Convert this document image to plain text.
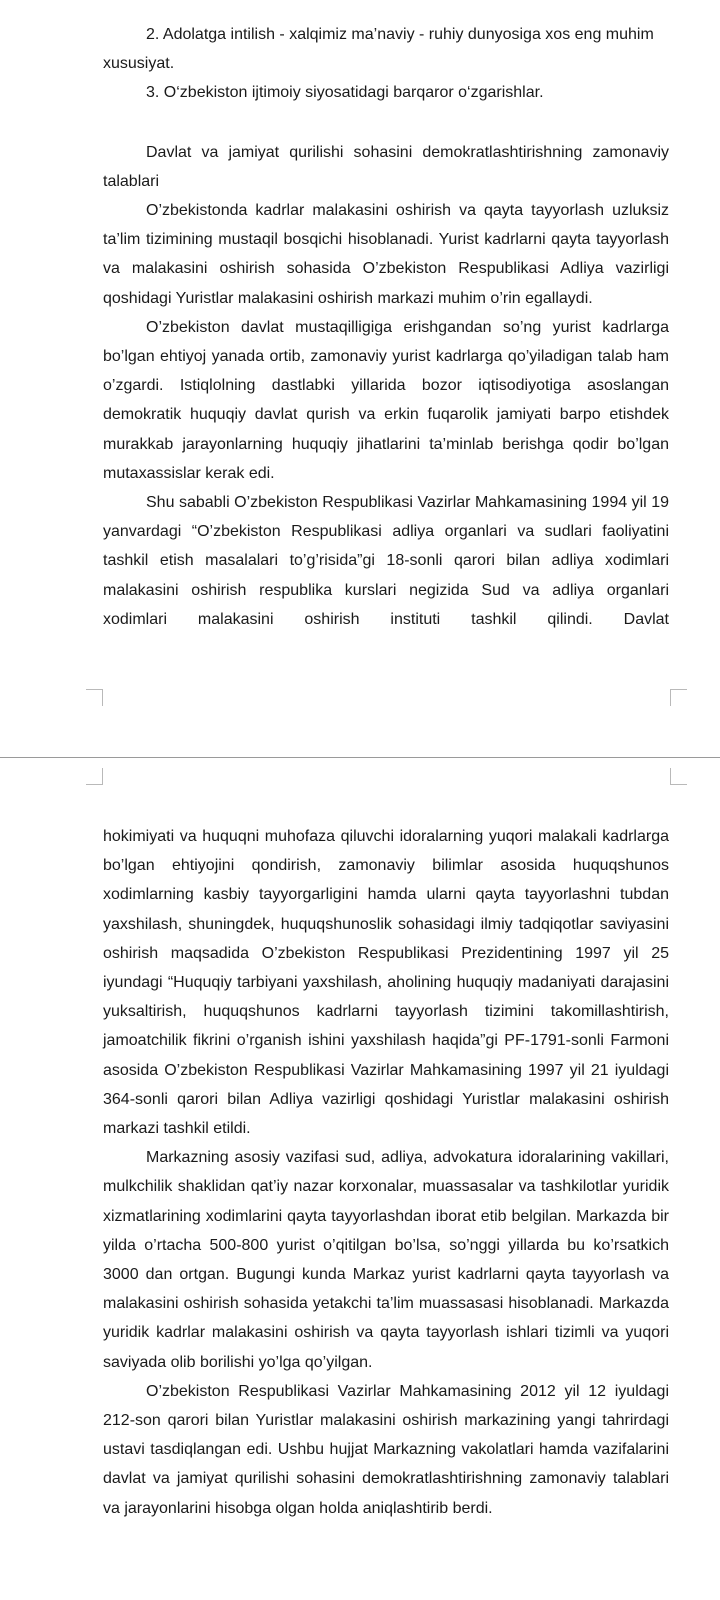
2. Adolatga intilish - xalqimiz ma’naviy - ruhiy dunyosiga xos eng muhim xususiyat.

3. O‘zbekiston ijtimoiy siyosatidagi barqaror o‘zgarishlar.

Davlat va jamiyat qurilishi sohasini demokratlashtirishning zamonaviy talablari

O’zbekistonda kadrlar malakasini oshirish va qayta tayyorlash uzluksiz ta’lim tizimining mustaqil bosqichi hisoblanadi. Yurist kadrlarni qayta tayyorlash va malakasini oshirish sohasida O’zbekiston Respublikasi Adliya vazirligi qoshidagi Yuristlar malakasini oshirish markazi muhim o’rin egallaydi.

O’zbekiston davlat mustaqilligiga erishgandan so’ng yurist kadrlarga bo’lgan ehtiyoj yanada ortib, zamonaviy yurist kadrlarga qo’yiladigan talab ham o’zgardi. Istiqlolning dastlabki yillarida bozor iqtisodiyotiga asoslangan demokratik huquqiy davlat qurish va erkin fuqarolik jamiyati barpo etishdek murakkab jarayonlarning huquqiy jihatlarini ta’minlab berishga qodir bo’lgan mutaxassislar kerak edi.

Shu sababli O’zbekiston Respublikasi Vazirlar Mahkamasining 1994 yil 19 yanvardagi “O’zbekiston Respublikasi adliya organlari va sudlari faoliyatini tashkil etish masalalari to’g’risida”gi 18-sonli qarori bilan adliya xodimlari malakasini oshirish respublika kurslari negizida Sud va adliya organlari xodimlari malakasini oshirish instituti tashkil qilindi. Davlat

hokimiyati va huquqni muhofaza qiluvchi idoralarning yuqori malakali kadrlarga bo’lgan ehtiyojini qondirish, zamonaviy bilimlar asosida huquqshunos xodimlarning kasbiy tayyorgarligini hamda ularni qayta tayyorlashni tubdan yaxshilash, shuningdek, huquqshunoslik sohasidagi ilmiy tadqiqotlar saviyasini oshirish maqsadida O’zbekiston Respublikasi Prezidentining 1997 yil 25 iyundagi “Huquqiy tarbiyani yaxshilash, aholining huquqiy madaniyati darajasini yuksaltirish, huquqshunos kadrlarni tayyorlash tizimini takomillashtirish, jamoatchilik fikrini o’rganish ishini yaxshilash haqida”gi PF-1791-sonli Farmoni asosida O’zbekiston Respublikasi Vazirlar Mahkamasining 1997 yil 21 iyuldagi 364-sonli qarori bilan Adliya vazirligi qoshidagi Yuristlar malakasini oshirish markazi tashkil etildi.

Markazning asosiy vazifasi sud, adliya, advokatura idoralarining vakillari, mulkchilik shaklidan qat’iy nazar korxonalar, muassasalar va tashkilotlar yuridik xizmatlarining xodimlarini qayta tayyorlashdan iborat etib belgilan. Markazda bir yilda o’rtacha 500-800 yurist o’qitilgan bo’lsa, so’nggi yillarda bu ko’rsatkich 3000 dan ortgan. Bugungi kunda Markaz yurist kadrlarni qayta tayyorlash va malakasini oshirish sohasida yetakchi ta’lim muassasasi hisoblanadi. Markazda yuridik kadrlar malakasini oshirish va qayta tayyorlash ishlari tizimli va yuqori saviyada olib borilishi yo’lga qo’yilgan.

O’zbekiston Respublikasi Vazirlar Mahkamasining 2012 yil 12 iyuldagi 212-son qarori bilan Yuristlar malakasini oshirish markazining yangi tahrirdagi ustavi tasdiqlangan edi. Ushbu hujjat Markazning vakolatlari hamda vazifalarini davlat va jamiyat qurilishi sohasini demokratlashtirishning zamonaviy talablari va jarayonlarini hisobga olgan holda aniqlashtirib berdi.
